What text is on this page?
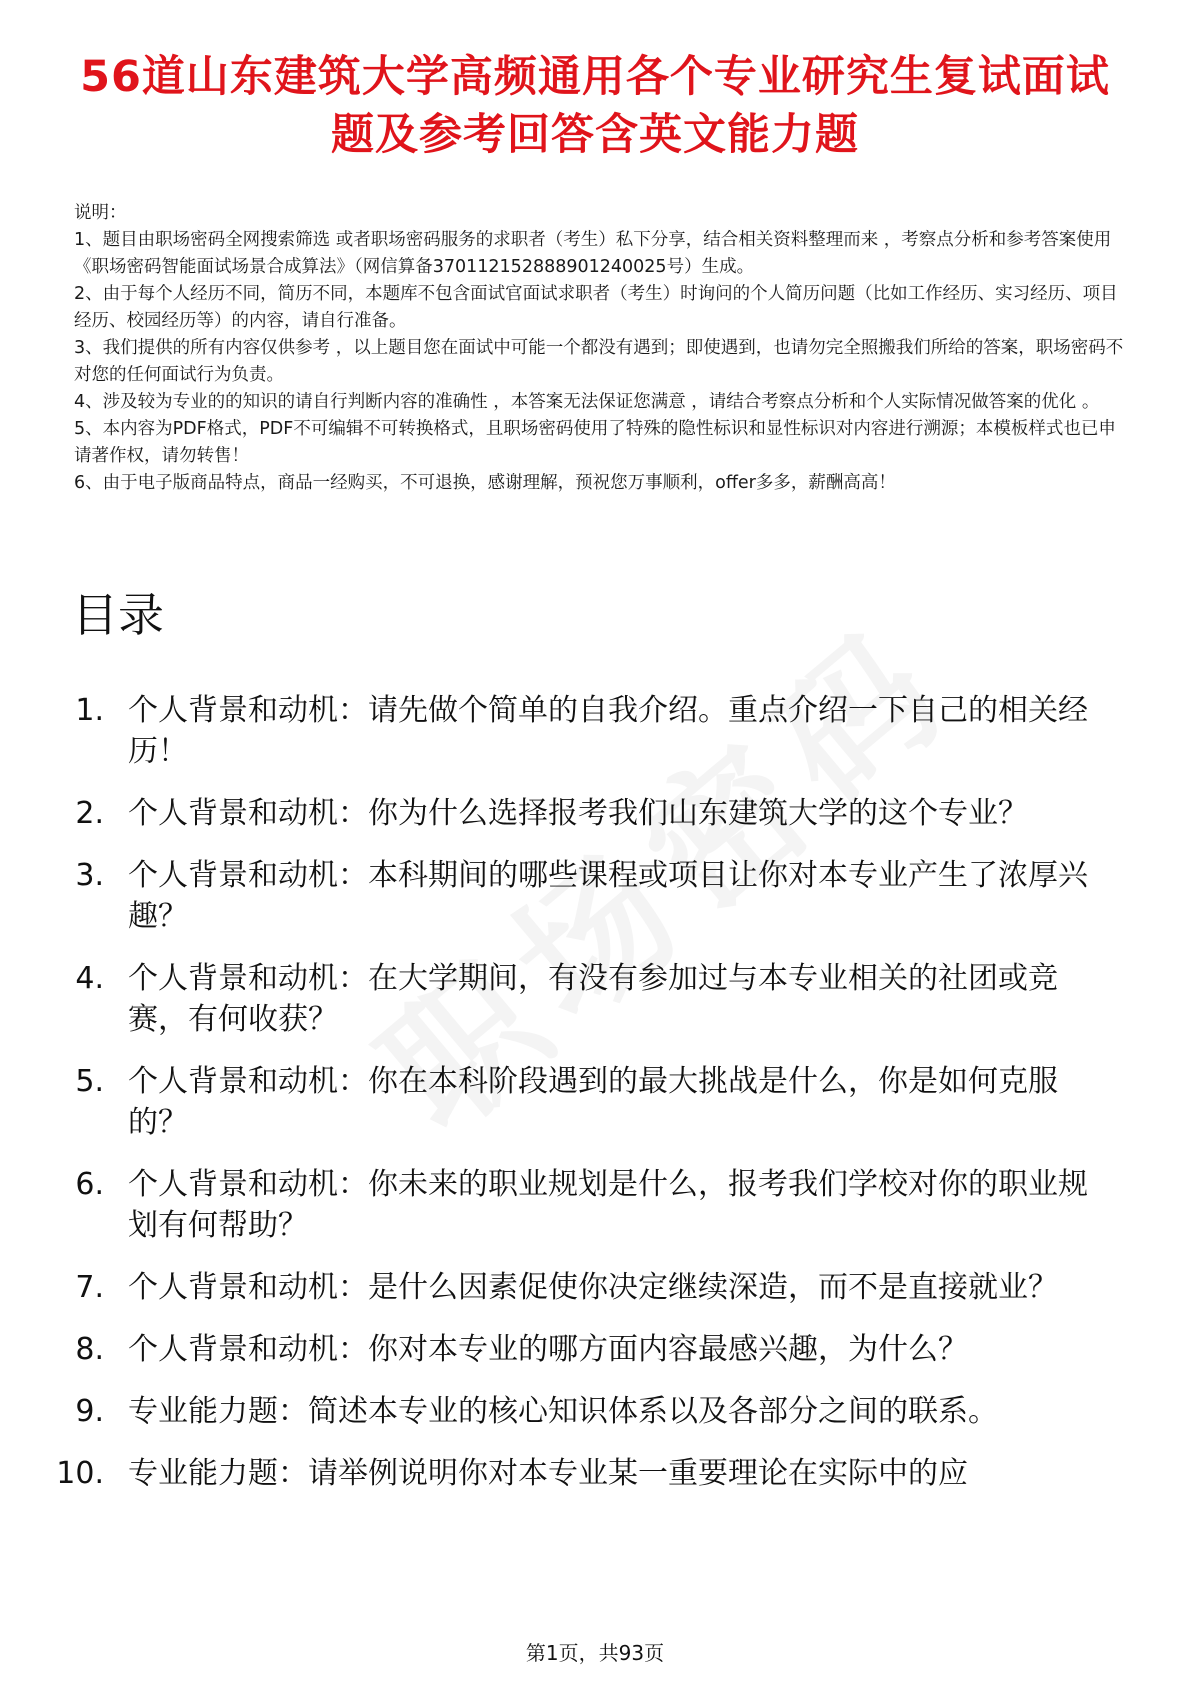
56道山东建筑大学高频通用各个专业研究生复试面试题及参考回答含英文能力题

说明：

1、题目由职场密码全网搜索筛选 或者职场密码服务的求职者（考生）私下分享，结合相关资料整理而来 ，考察点分析和参考答案使用《职场密码智能面试场景合成算法》（网信算备370112152888901240025号）生成。

2、由于每个人经历不同，简历不同，本题库不包含面试官面试求职者（考生）时询问的个人简历问题（比如工作经历、实习经历、项目经历、校园经历等）的内容，请自行准备。

3、我们提供的所有内容仅供参考 ，以上题目您在面试中可能一个都没有遇到；即使遇到，也请勿完全照搬我们所给的答案，职场密码不对您的任何面试行为负责。

4、涉及较为专业的的知识的请自行判断内容的准确性 ，本答案无法保证您满意 ，请结合考察点分析和个人实际情况做答案的优化 。

5、本内容为PDF格式，PDF不可编辑不可转换格式，且职场密码使用了特殊的隐性标识和显性标识对内容进行溯源；本模板样式也已申请著作权，请勿转售！

6、由于电子版商品特点，商品一经购买，不可退换，感谢理解，预祝您万事顺利，offer多多，薪酬高高！

目录
1. 个人背景和动机：请先做个简单的自我介绍。重点介绍一下自己的相关经历！
2. 个人背景和动机：你为什么选择报考我们山东建筑大学的这个专业？
3. 个人背景和动机：本科期间的哪些课程或项目让你对本专业产生了浓厚兴趣？
4. 个人背景和动机：在大学期间，有没有参加过与本专业相关的社团或竞赛，有何收获？
5. 个人背景和动机：你在本科阶段遇到的最大挑战是什么，你是如何克服的？
6. 个人背景和动机：你未来的职业规划是什么，报考我们学校对你的职业规划有何帮助？
7. 个人背景和动机：是什么因素促使你决定继续深造，而不是直接就业？
8. 个人背景和动机：你对本专业的哪方面内容最感兴趣，为什么？
9. 专业能力题：简述本专业的核心知识体系以及各部分之间的联系。
10. 专业能力题：请举例说明你对本专业某一重要理论在实际中的应
第1页，共93页
